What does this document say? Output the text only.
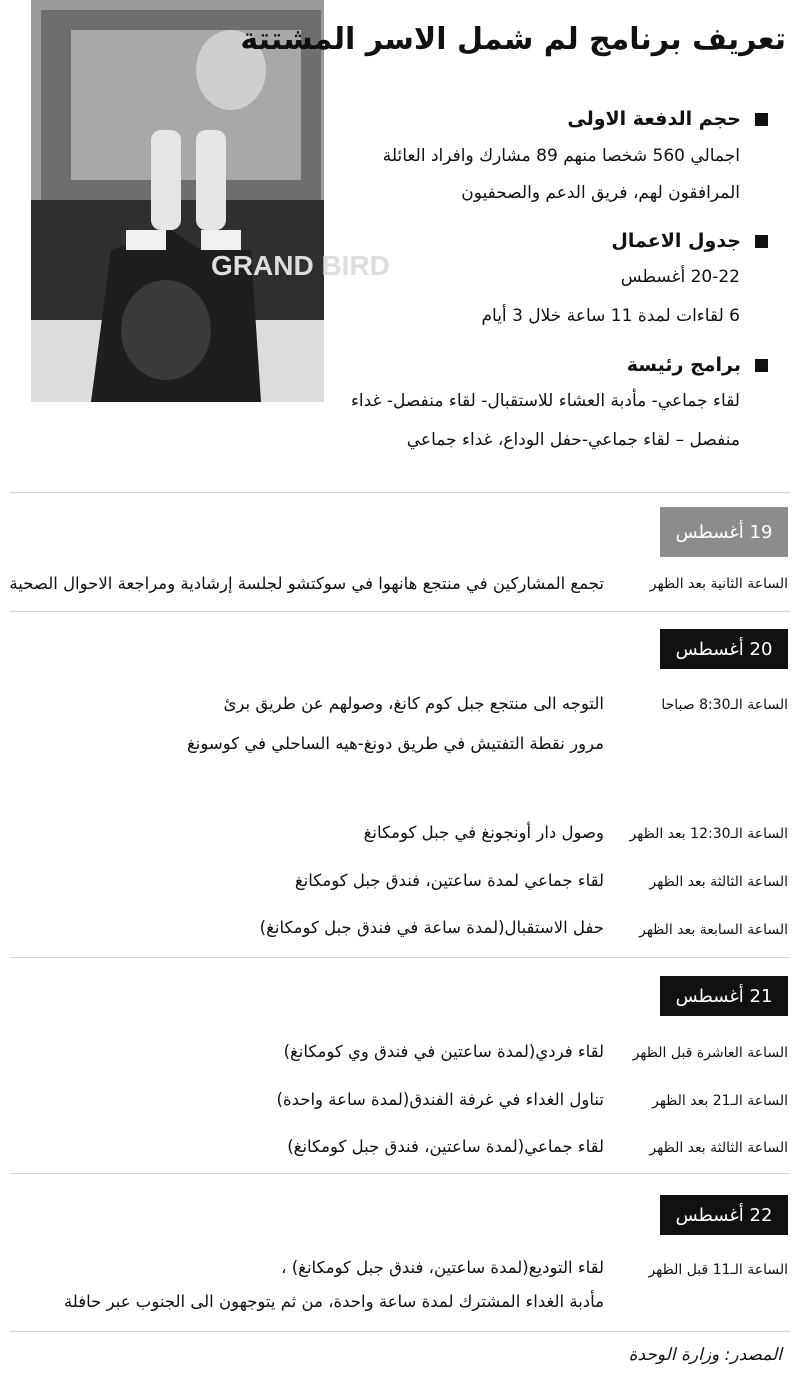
GRAND BIRD
تعريف برنامج لم شمل الاسر المشتتة
حجم الدفعة الاولى
اجمالي 560 شخصا منهم 89 مشارك وافراد العائلة
المرافقون لهم، فريق الدعم والصحفيون
جدول الاعمال
20-22 أغسطس
6 لقاءات لمدة 11 ساعة خلال 3 أيام
برامج رئيسة
لقاء جماعي- مأدبة العشاء للاستقبال- لقاء منفصل- غداء
منفصل – لقاء جماعي-حفل الوداع، غداء جماعي
19 أغسطس
الساعة الثانية بعد الظهر
تجمع المشاركين في منتجع هانهوا في سوكتشو لجلسة إرشادية ومراجعة الاحوال الصحية
20 أغسطس
الساعة الـ8:30 صباحا
التوجه الى منتجع جبل كوم كانغ، وصولهم عن طريق برئ
مرور نقطة التفتيش في طريق دونغ-هيه الساحلي في كوسونغ
الساعة الـ12:30 بعد الظهر
وصول دار أونجونغ في جبل كومكانغ
الساعة الثالثة بعد الظهر
لقاء جماعي لمدة ساعتين، فندق جبل كومكانغ
الساعة السابعة بعد الظهر
حفل الاستقبال(لمدة ساعة في فندق جبل كومكانغ)
21 أغسطس
الساعة العاشرة قبل الظهر
لقاء فردي(لمدة ساعتين في فندق وي كومكانغ)
الساعة الـ21 بعد الظهر
تناول الغداء في غرفة الفندق(لمدة ساعة واحدة)
الساعة الثالثة بعد الظهر
لقاء جماعي(لمدة ساعتين، فندق جبل كومكانغ)
22 أغسطس
الساعة الـ11 قبل الظهر
لقاء التوديع(لمدة ساعتين، فندق جبل كومكانغ) ،
مأدبة الغداء المشترك لمدة ساعة واحدة، من ثم يتوجهون الى الجنوب عبر حافلة
المصدر: وزارة الوحدة
